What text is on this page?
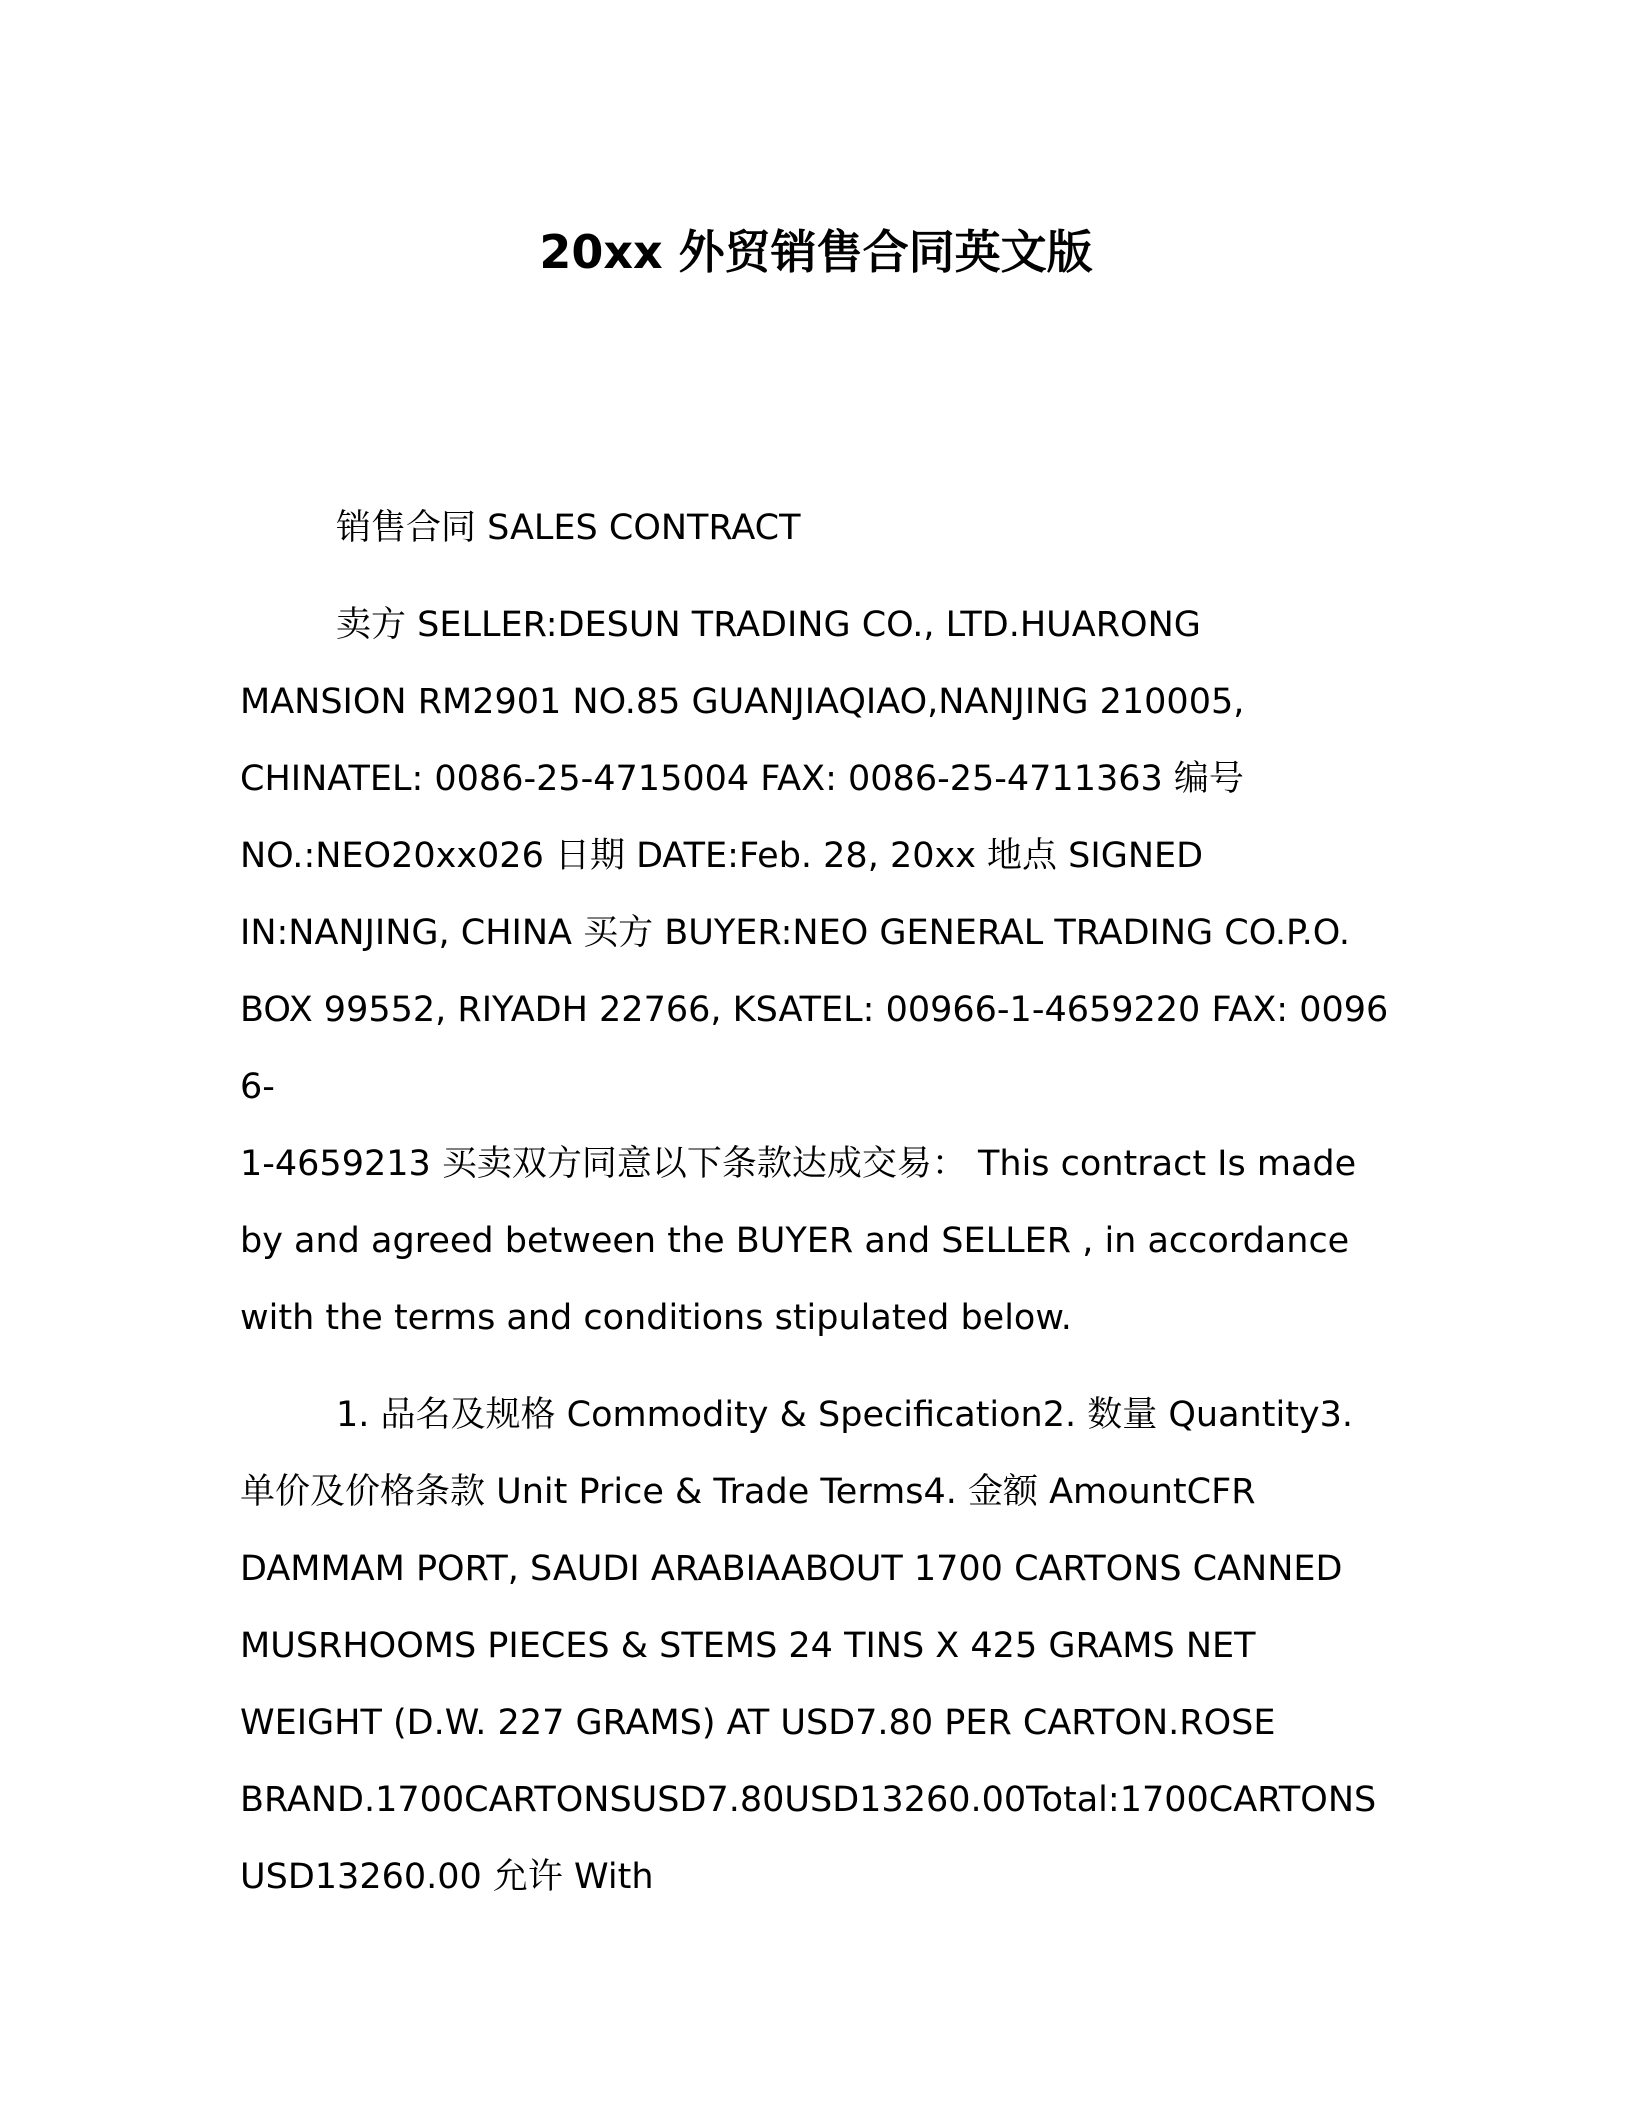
20xx 外贸销售合同英文版

销售合同 SALES CONTRACT

卖方 SELLER:DESUN TRADING CO., LTD.HUARONG
MANSION RM2901 NO.85 GUANJIAQIAO,NANJING 210005,
CHINATEL: 0086-25-4715004 FAX: 0086-25-4711363 编号
NO.:NEO20xx026 日期 DATE:Feb. 28, 20xx 地点 SIGNED
IN:NANJING, CHINA 买方 BUYER:NEO GENERAL TRADING CO.P.O.
BOX 99552, RIYADH 22766, KSATEL: 00966-1-4659220 FAX: 00966-
1-4659213 买卖双方同意以下条款达成交易： This contract Is made
by and agreed between the BUYER and SELLER , in accordance
with the terms and conditions stipulated below.

1. 品名及规格 Commodity & Specification2. 数量 Quantity3.
单价及价格条款 Unit Price & Trade Terms4. 金额 AmountCFR
DAMMAM PORT, SAUDI ARABIAABOUT 1700 CARTONS CANNED
MUSRHOOMS PIECES & STEMS 24 TINS X 425 GRAMS NET
WEIGHT (D.W. 227 GRAMS) AT USD7.80 PER CARTON.ROSE
BRAND.1700CARTONSUSD7.80USD13260.00Total:1700CARTONS
USD13260.00 允许 With
